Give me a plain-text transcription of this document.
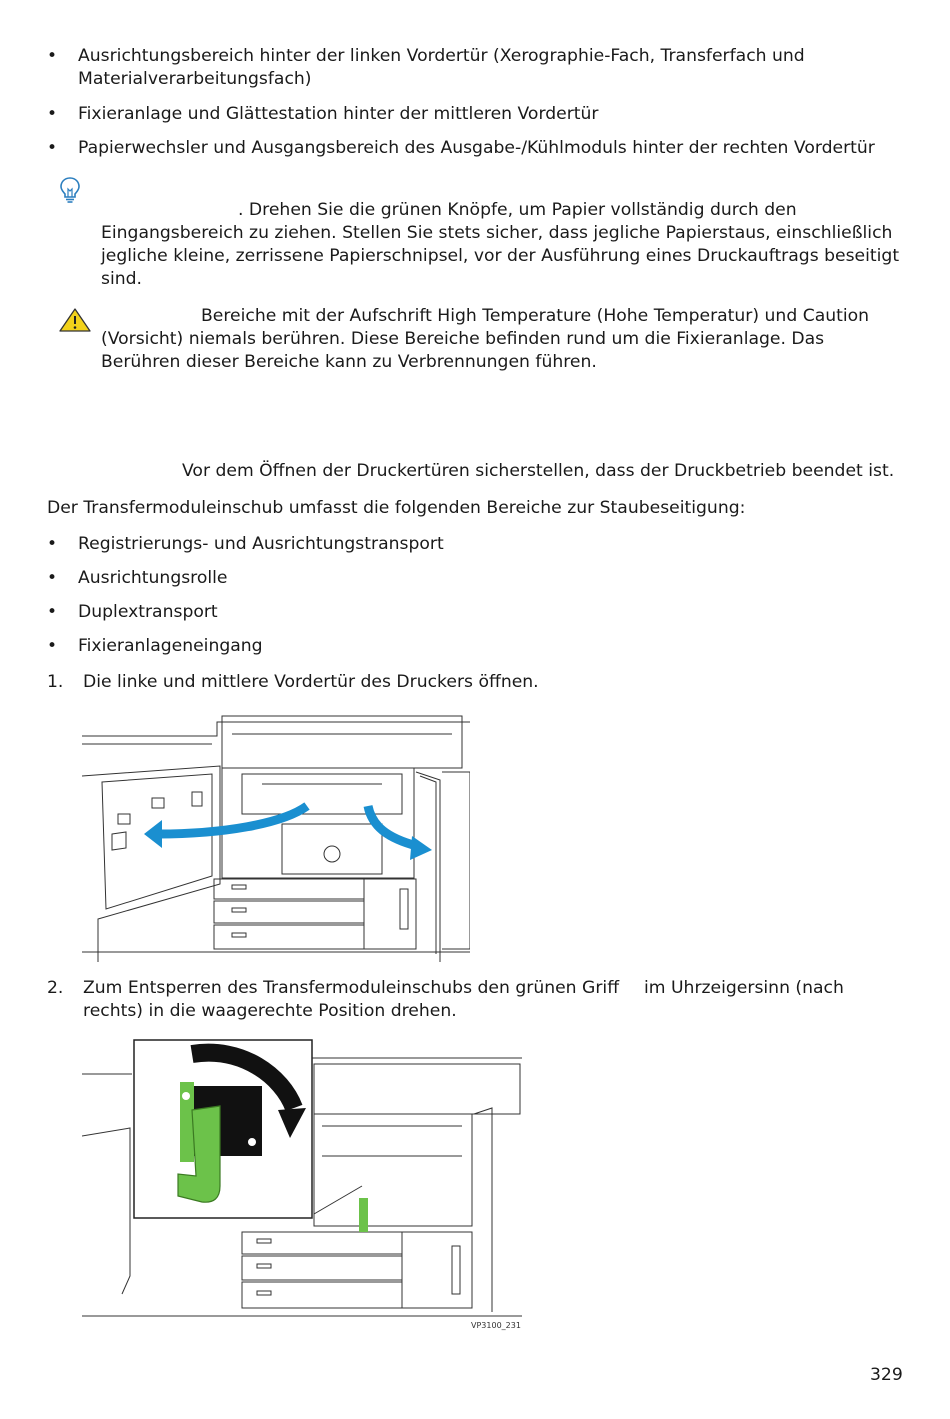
• Ausrichtungsbereich hinter der linken Vordertür (Xerographie-Fach, Transferfach und Materialverarbeitungsfach)
• Fixieranlage und Glättestation hinter der mittleren Vordertür
• Papierwechsler und Ausgangsbereich des Ausgabe-/Kühlmoduls hinter der rechten Vordertür
. Drehen Sie die grünen Knöpfe, um Papier vollständig durch den
Eingangsbereich zu ziehen. Stellen Sie stets sicher, dass jegliche Papierstaus, einschließlich jegliche kleine, zerrissene Papierschnipsel, vor der Ausführung eines Druckauftrags beseitigt sind.
Bereiche mit der Aufschrift High Temperature (Hohe Temperatur) und Caution
(Vorsicht) niemals berühren. Diese Bereiche befinden rund um die Fixieranlage. Das Berühren dieser Bereiche kann zu Verbrennungen führen.
Vor dem Öffnen der Druckertüren sicherstellen, dass der Druckbetrieb beendet ist.
Der Transfermoduleinschub umfasst die folgenden Bereiche zur Staubeseitigung:
• Registrierungs- und Ausrichtungstransport
• Ausrichtungsrolle
• Duplextransport
• Fixieranlageneingang
1. Die linke und mittlere Vordertür des Druckers öffnen.
2. Zum Entsperren des Transfermoduleinschubs den grünen Griff	im Uhrzeigersinn (nach
rechts) in die waagerechte Position drehen.
VP3100_231
329
